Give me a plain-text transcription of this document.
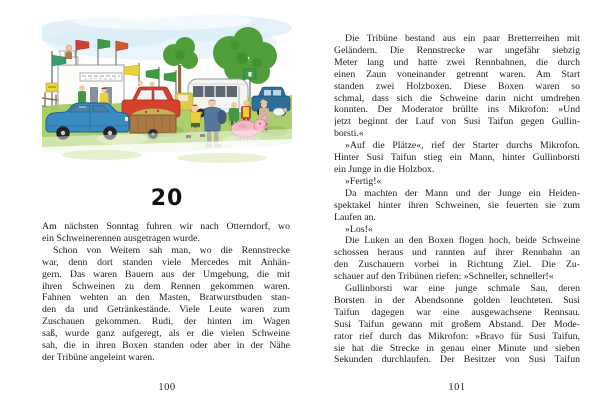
20
Am nächsten Sonntag fuhren wir nach Otterndorf, wo
ein Schweinerennen ausgetragen wurde.
Schon von Weitem sah man, wo die Rennstrecke
war, denn dort standen viele Mercedes mit Anhän-
gern. Das waren Bauern aus der Umgebung, die mit
ihren Schweinen zu dem Rennen gekommen waren.
Fahnen wehten an den Masten, Bratwurstbuden stan-
den da und Getränkestände. Viele Leute waren zum
Zuschauen gekommen. Rudi, der hinten im Wagen
saß, wurde ganz aufgeregt, als er die vielen Schweine
sah, die in ihren Boxen standen oder aber in der Nähe
der Tribüne angeleint waren.
100
Die Tribüne bestand aus ein paar Bretterreihen mit
Geländern. Die Rennstrecke war ungefähr siebzig
Meter lang und hatte zwei Rennbahnen, die durch
einen Zaun voneinander getrennt waren. Am Start
standen zwei Holzboxen. Diese Boxen waren so
schmal, dass sich die Schweine darin nicht umdrehen
konnten. Der Moderator brüllte ins Mikrofon: »Und
jetzt beginnt der Lauf von Susi Taifun gegen Gullin-
borsti.«
»Auf die Plätze«, rief der Starter durchs Mikrofon.
Hinter Susi Taifun stieg ein Mann, hinter Gullinborsti
ein Junge in die Holzbox.
»Fertig!«
Da machten der Mann und der Junge ein Heiden-
spektakel hinter ihren Schweinen, sie feuerten sie zum
Laufen an.
»Los!«
Die Luken an den Boxen flogen hoch, beide Schweine
schossen heraus und rannten auf ihrer Rennbahn an
den Zuschauern vorbei in Richtung Ziel. Die Zu-
schauer auf den Tribünen riefen: »Schneller, schneller!«
Gullinborsti war eine junge schmale Sau, deren
Borsten in der Abendsonne golden leuchteten. Susi
Taifun dagegen war eine ausgewachsene Rennsau.
Susi Taifun gewann mit großem Abstand. Der Mode-
rator rief durch das Mikrofon: »Bravo für Susi Taifun,
sie hat die Strecke in genau einer Minute und sieben
Sekunden durchlaufen. Der Besitzer von Susi Taifun
101
